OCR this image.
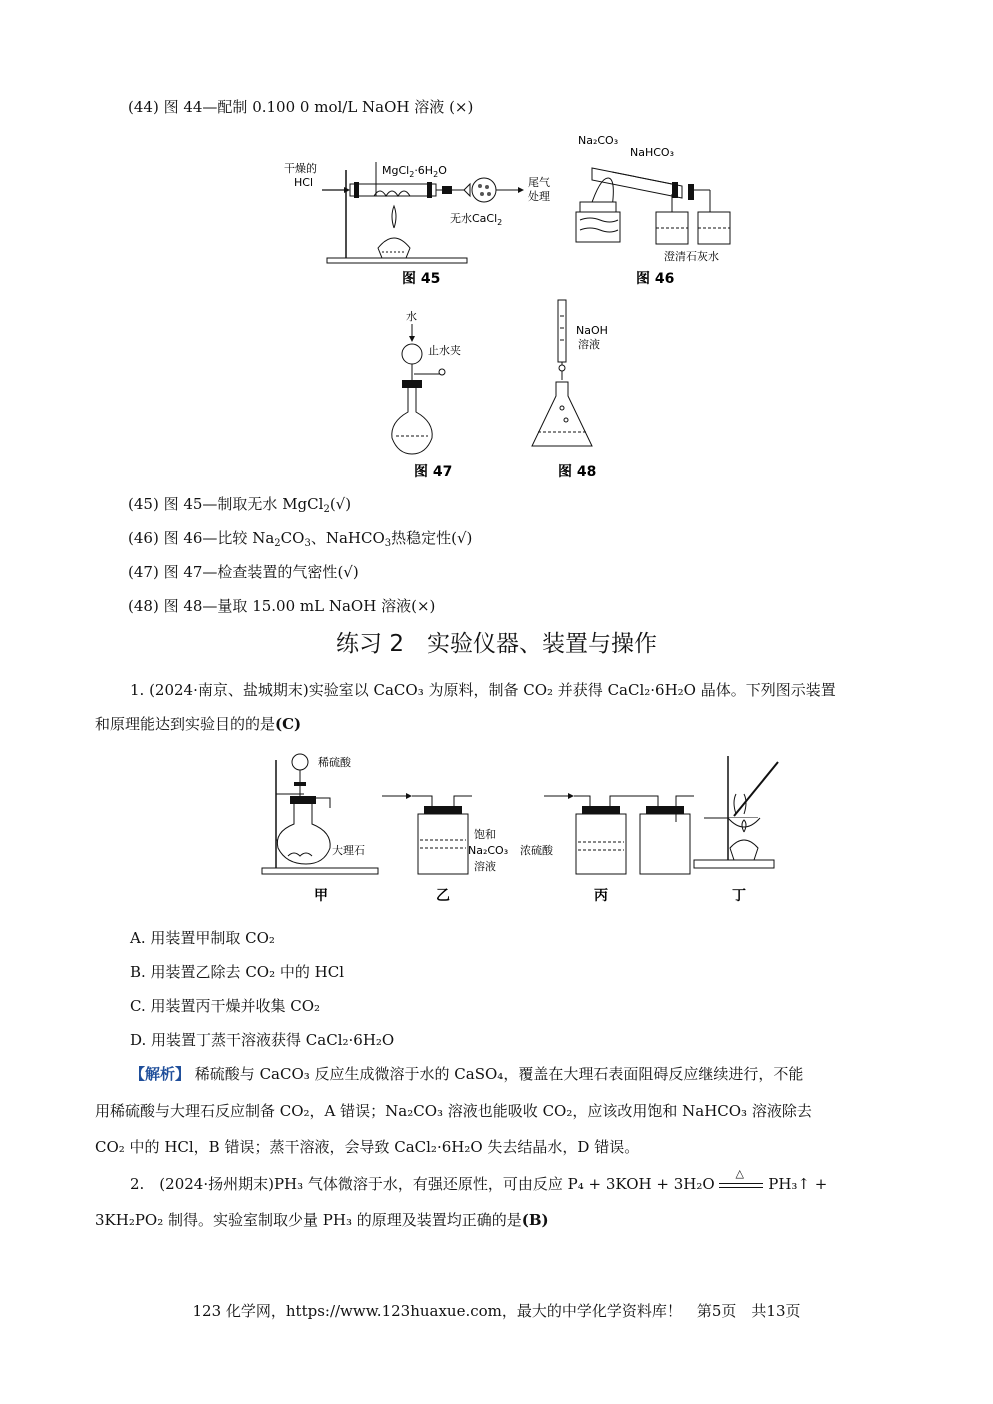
(44) 图 44—配制 0.100 0 mol/L NaOH 溶液 (×)
干燥的
HCl
$MgCl_2\cdot 6H_2O$
无水CaCl$_2$
尾气
处理
图 45
Na₂CO₃
NaHCO₃
澄清石灰水
图 46
水
止水夹
图 47
NaOH
溶液
图 48
(45) 图 45—制取无水 MgCl$_2$(√)
(46) 图 46—比较 $Na_2CO_3$、NaHCO$_3$热稳定性(√)
(47) 图 47—检查装置的气密性(√)
(48) 图 48—量取 15.00 mL NaOH 溶液(×)
练习 2　实验仪器、装置与操作
1. (2024·南京、盐城期末)实验室以 CaCO₃ 为原料，制备 CO₂ 并获得 CaCl₂·6H₂O 晶体。下列图示装置
和原理能达到实验目的的是(C)
稀硫酸
大理石
甲
饱和
Na₂CO₃
溶液
乙
浓硫酸
丙	丁
A. 用装置甲制取 CO₂
B. 用装置乙除去 CO₂ 中的 HCl
C. 用装置丙干燥并收集 CO₂
D. 用装置丁蒸干溶液获得 CaCl₂·6H₂O
【解析】 稀硫酸与 CaCO₃ 反应生成微溶于水的 CaSO₄，覆盖在大理石表面阻碍反应继续进行，不能
用稀硫酸与大理石反应制备 CO₂，A 错误；Na₂CO₃ 溶液也能吸收 CO₂，应该改用饱和 NaHCO₃ 溶液除去
CO₂ 中的 HCl，B 错误；蒸干溶液，会导致 CaCl₂·6H₂O 失去结晶水，D 错误。
2.　(2024·扬州期末)PH₃ 气体微溶于水，有强还原性，可由反应 P₄ + 3KOH + 3H₂O
△
PH₃↑ +
3KH₂PO₂ 制得。实验室制取少量 PH₃ 的原理及装置均正确的是(B)
123 化学网，https://www.123huaxue.com，最大的中学化学资料库！　第5页　共13页
